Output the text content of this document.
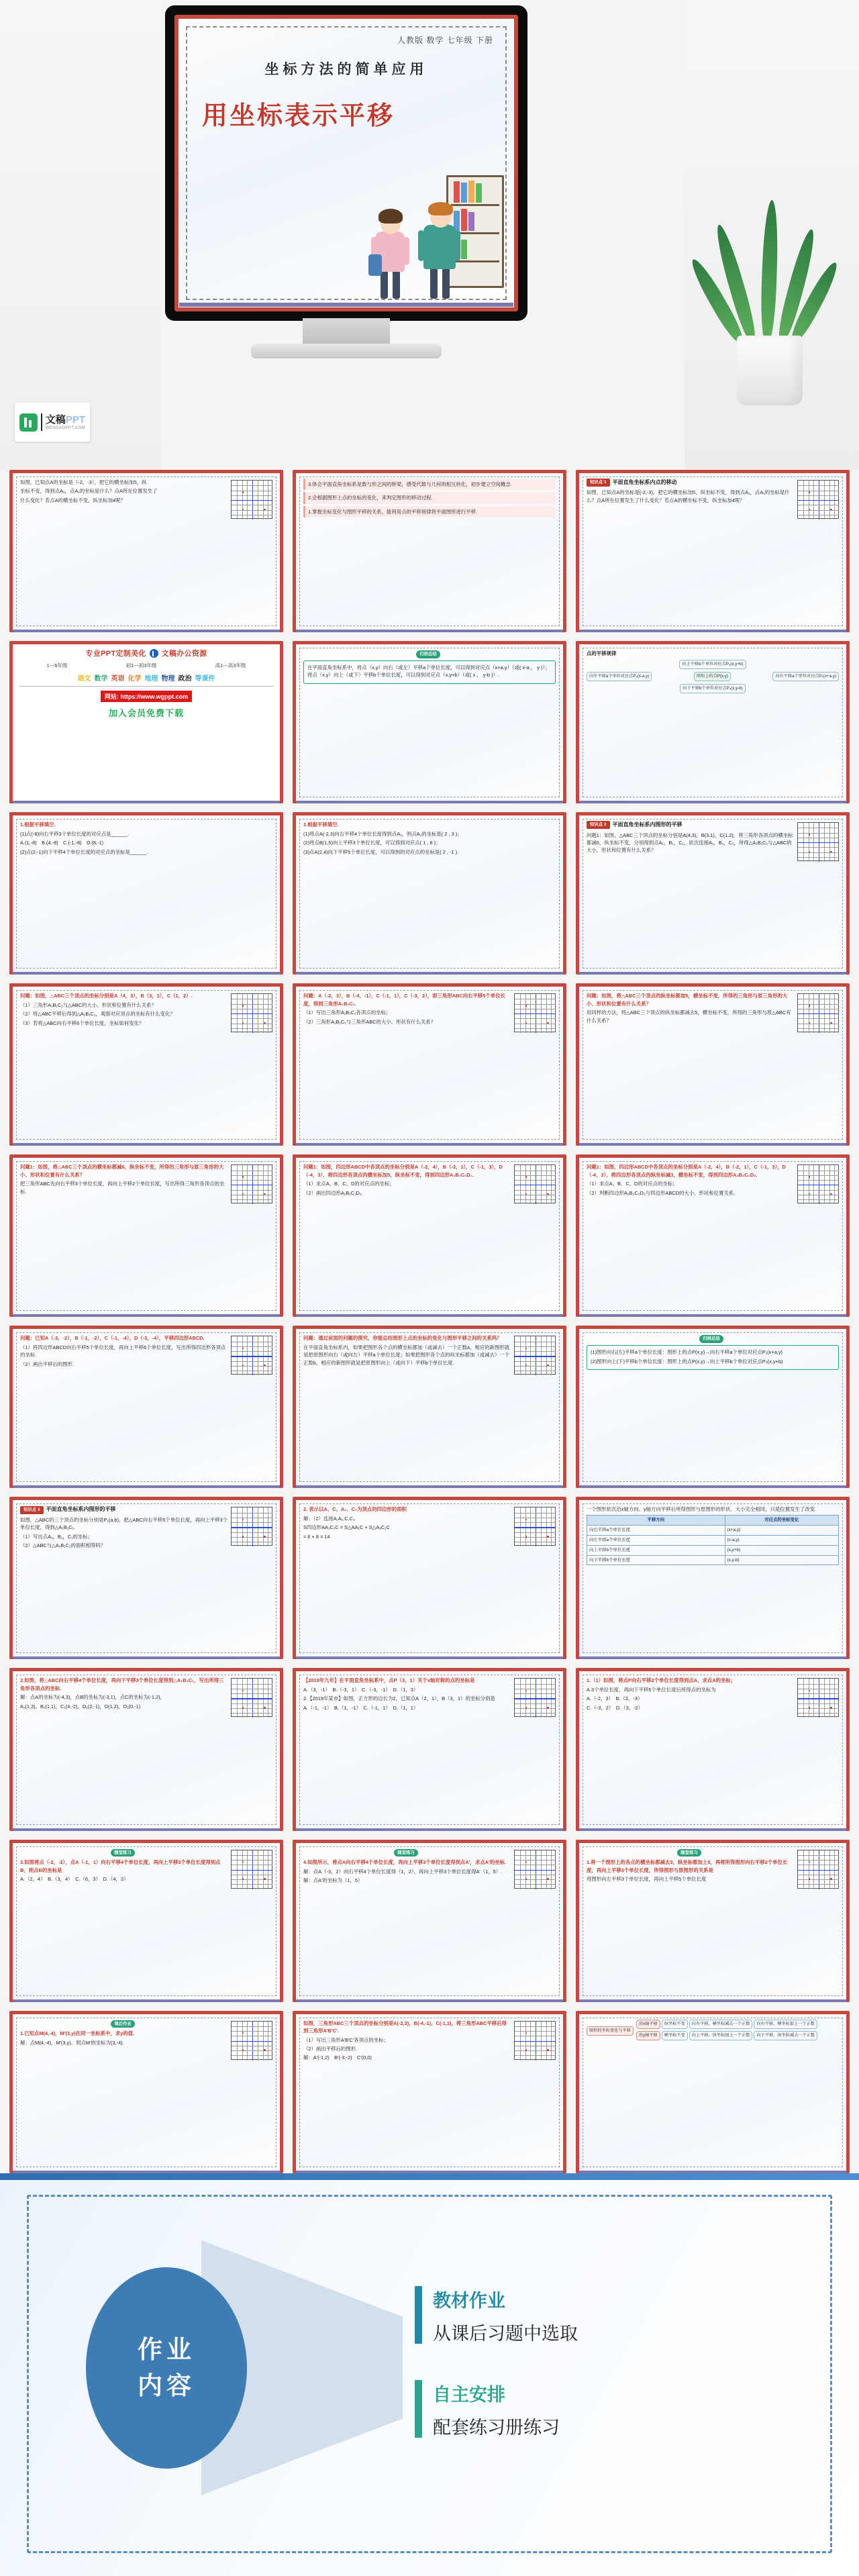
人教版 数学 七年级 下册
坐标方法的简单应用
用坐标表示平移
文稿PPT
WENGAOPPT.COM

如图，已知点A的坐标是（-2，-3），把它的横坐标加5，纵

坐标不变，得到点A₁，点A₁的坐标是什么？点A所在位置发生了

什么变化？若点A的横坐标不变，纵坐标加4呢？

3.体会平面直角坐标系是数与形之间的桥梁，感受代数与几何的相互转化，初步建立空间概念.
2.会根据图形上点的坐标的变化，来判定图形的移动过程.
1.掌握坐标变化与图形平移的关系，能利用点的平移规律将平面图形进行平移.

知识点 1 平面直角坐标系内点的移动

如图，已知点A的坐标是(-2,-3)，把它的横坐标加5，纵坐标不变，得到点A₁，点A₁的坐标是什么？点A所在位置发生了什么变化？若点A的横坐标不变，纵坐标加4呢？

专业PPT定制美化 文稿办公资源
1---6年级	初1---初3年级	高1---高3年级
语文 数学 英语 化学 地理 物理 政治 等课件
网站: https://www.wgppt.com
加入会员免费下载
归纳总结

在平面直角坐标系中，将点（x,y）向右（或左）平移a个单位长度，可以得到对应点（x+a,y）（或( x-a ， y )）；将点（x,y）向上（或下）平移b个单位长度，可以得到对应点（x,y+b）（或( x ， y-b )）.

点的平移规律

向上平移b个单位对应点P₃(x,y+b)
向左平移a个单位对应点P₂(x-a,y)	图形上的点P(x,y)	向右平移a个单位对应点P₁(x+a,y)
向下平移b个单位对应点P₄(x,y-b)

1.根据平移填空.

(1)点(-8)向右平移3个单位长度的对应点是______.

A.(1,-8)　B.(4,-8)　C.(-1,-8)　D.(8,-1)

(2)点(2,-1)向下平移4个单位长度的对应点的坐标是______.

1.根据平移填空.

(1)将点A(-2,3)向右平移4个单位长度得到点A₁，则点A₁的坐标是( 2 , 3 )；

(2)将点B(1,5)向上平移3个单位长度，可以得到对应点( 1 , 8 )；

(3)点A(2,4)向下平移5个单位长度，可以得到的对应点的坐标是( 2 , -1 ).

知识点 2 平面直角坐标系内图形的平移

问题1：如图，△ABC三个顶点的坐标分别是A(4,3)，B(3,1)，C(1,2)，将三角形各顶点的横坐标都减6，纵坐标不变，分别得到点A₁，B₁，C₁，依次连接A₁，B₁，C₁，所得△A₁B₁C₁与△ABC的大小、形状和位置有什么关系？

问题：如图，△ABC三个顶点的坐标分别是A（4，3），B（3，1），C（1，2）.

（1）三角形A₁B₁C₁与△ABC的大小、形状和位置有什么关系？

（2）将△ABC平移后得到△A₁B₁C₁，观察对应顶点的坐标有什么变化？

（3）若将△ABC向右平移6个单位长度，坐标如何变化？

问题：A（-2，3），B（-4，-1），C（-1，1），C（-3，2），即三角形ABC向右平移5个单位长度，得到三角形A₁B₁C₁.

（1）写出三角形A₁B₁C₁各顶点的坐标；

（2）三角形A₁B₁C₁与三角形ABC的大小、形状有什么关系？

问题：如图，将△ABC三个顶点的纵坐标都加5，横坐标不变，所得的三角形与原三角形的大小、形状和位置有什么关系？

用同样的方法，将△ABC三个顶点的纵坐标都减去5，横坐标不变，所得的三角形与原△ABC有什么关系？

问题1：如图，将△ABC三个顶点的横坐标都减6，纵坐标不变，所得的三角形与原三角形的大小、形状和位置有什么关系？

把三角形ABC先向右平移3个单位长度，再向上平移2个单位长度，写出所得三角形各顶点的坐标.

问题1：如图，四边形ABCD中各顶点的坐标分别是A（-2，4），B（-2，1），C（-1，3），D（-4，3），将四边形各顶点的横坐标加5，纵坐标不变，得到四边形A₁B₁C₁D₁.

（1）求点A、B、C、D的对应点的坐标；

（2）画出四边形A₁B₁C₁D₁.

问题1：如图，四边形ABCD中各顶点的坐标分别是A（-2，4），B（-2，1），C（-1，3），D（-4，3），将四边形各顶点的纵坐标减3，横坐标不变，得到四边形A₂B₂C₂D₂.

（1）求点A、B、C、D的对应点的坐标；

（2）判断四边形A₂B₂C₂D₂与四边形ABCD的大小、形状和位置关系.

问题：已知A（-3，-2），B（-1，-2），C（-1，-4），D（-3，-4），平移四边形ABCD.

（1）将四边形ABCD向右平移5个单位长度，再向上平移6个单位长度，写出所得四边形各顶点的坐标.

（2）画出平移后的图形.

问题：通过前面的问题的探究，你能总结图形上点的坐标的变化与图形平移之间的关系吗？

在平面直角坐标系内，如果把图形各个点的横坐标都加（或减去）一个正数a，相应的新图形就是把原图形向右（或向左）平移a个单位长度；如果把图形各个点的纵坐标都加（或减去）一个正数b，相应的新图形就是把原图形向上（或向下）平移b个单位长度.

归纳总结

(1)图形向右(左)平移a个单位长度：图形上的点P(x,y)→向右平移a个单位对应点P₁(x+a,y)

(2)图形向上(下)平移b个单位长度：图形上的点P(x,y)→向上平移b个单位对应点P₃(x,y+b)

知识点 3 平面直角坐标系内图形的平移

如图，△ABC的三个顶点的坐标分别是P₁(a,b)，把△ABC向右平移5个单位长度，再向上平移3个单位长度，得到△A₁B₁C₁.

（1）写出点A₁，B₁，C₁的坐标；

（2）△ABC与△A₁B₁C₁的面积相等吗？

2. 表示以A、C、A₁、C₁为顶点的四边形的面积

解：（2）连接A,A₁,C,C₁.

S四边形AA₁C₁C = S△AA₁C + S△A₁C₁C

= 6 + 8 = 14

一个图形依次沿x轴方向、y轴方向平移后所得图形与原图形的形状、大小完全相同，只是位置发生了改变.

平移方向	对应点的坐标变化
向右平移a个单位长度	(x+a,y)
向左平移a个单位长度	(x-a,y)
向上平移b个单位长度	(x,y+b)
向下平移b个单位长度	(x,y-b)

2.如图，将△ABC向右平移4个单位长度，再向下平移3个单位长度得到△A₁B₁C₁，写出所得三角形各顶点的坐标.

解：点A的坐标为(-4,3)，点B的坐标为(-3,1)，点C的坐标为(-1,2)，

A₁(1,3)，B₁(1,1)，C₁(4,-2)，D₁(2,-1)，D(1,2)，D₁(0,-1)

【2019年九年】在平面直角坐标系中，点P（3，1）关于x轴对称的点的坐标是

A.（3，-1）　B.（-3，1）　C.（-3，-1）　D.（1，3）

2.【2019年某市】如图，正方形的边长为2，已知点A（2，1），B（3，1）的坐标分别是

A.（-1，-1）　B.（1，-1）　C.（-1，1）　D.（1，1）

1.（1）如图，将点P向右平移2个单位长度得到点A，求点A的坐标；

A.3个单位长度、再向下平移5个单位长度后所得点的坐标为

A.（-2，3）　B.（2，-3）

C.（-3，2）　D.（3，-2）

随堂练习

3.如图将点（-2，-2），点A（-1，1）向右平移4个单位长度，再向上平移3个单位长度得到点B，则点B的坐标是

A.（2，4）　B.（3，4）　C.（6，3）　D.（4，3）

随堂练习

4.如图所示，将点A向右平移4个单位长度，再向上平移3个单位长度得到点A′，求点A′的坐标.

解：点A（-3，2）向右平移4个单位长度得（1，2），再向上平移3个单位长度得A′（1，5）.

解：点A′的坐标为（1，5）

随堂练习

1.将一个图形上的各点的横坐标都减去3，纵坐标都加上5，再将所得图形向右平移2个单位长度，再向上平移3个单位长度，所得图形与原图形的关系是

将图形向左平移3个单位长度，再向上平移5个单位长度

课后作业

1.已知点M(4,-4)，M′(3,y)在同一坐标系中，求y的值.

解：点M(4,-4)，M′(3,y)，则点M′的坐标为(3,-4).

如图，三角形ABC三个顶点的坐标分别是A(-2,3)，B(-4,-1)，C(-1,1)，将三角形ABC平移后得到三角形A′B′C′.

（1）写出三角形A′B′C′各顶点的坐标；

（2）画出平移后的图形.

解：A′(-1,2)　B′(-3,-2)　C′(0,0)

图形的坐标变化与平移
沿x轴平移 纵坐标不变 向左平移，横坐标减去一个正数 向右平移，横坐标加上一个正数
沿y轴平移 横坐标不变 向上平移，纵坐标加上一个正数 向下平移，纵坐标减去一个正数
作业
内容
教材作业
从课后习题中选取
自主安排
配套练习册练习
